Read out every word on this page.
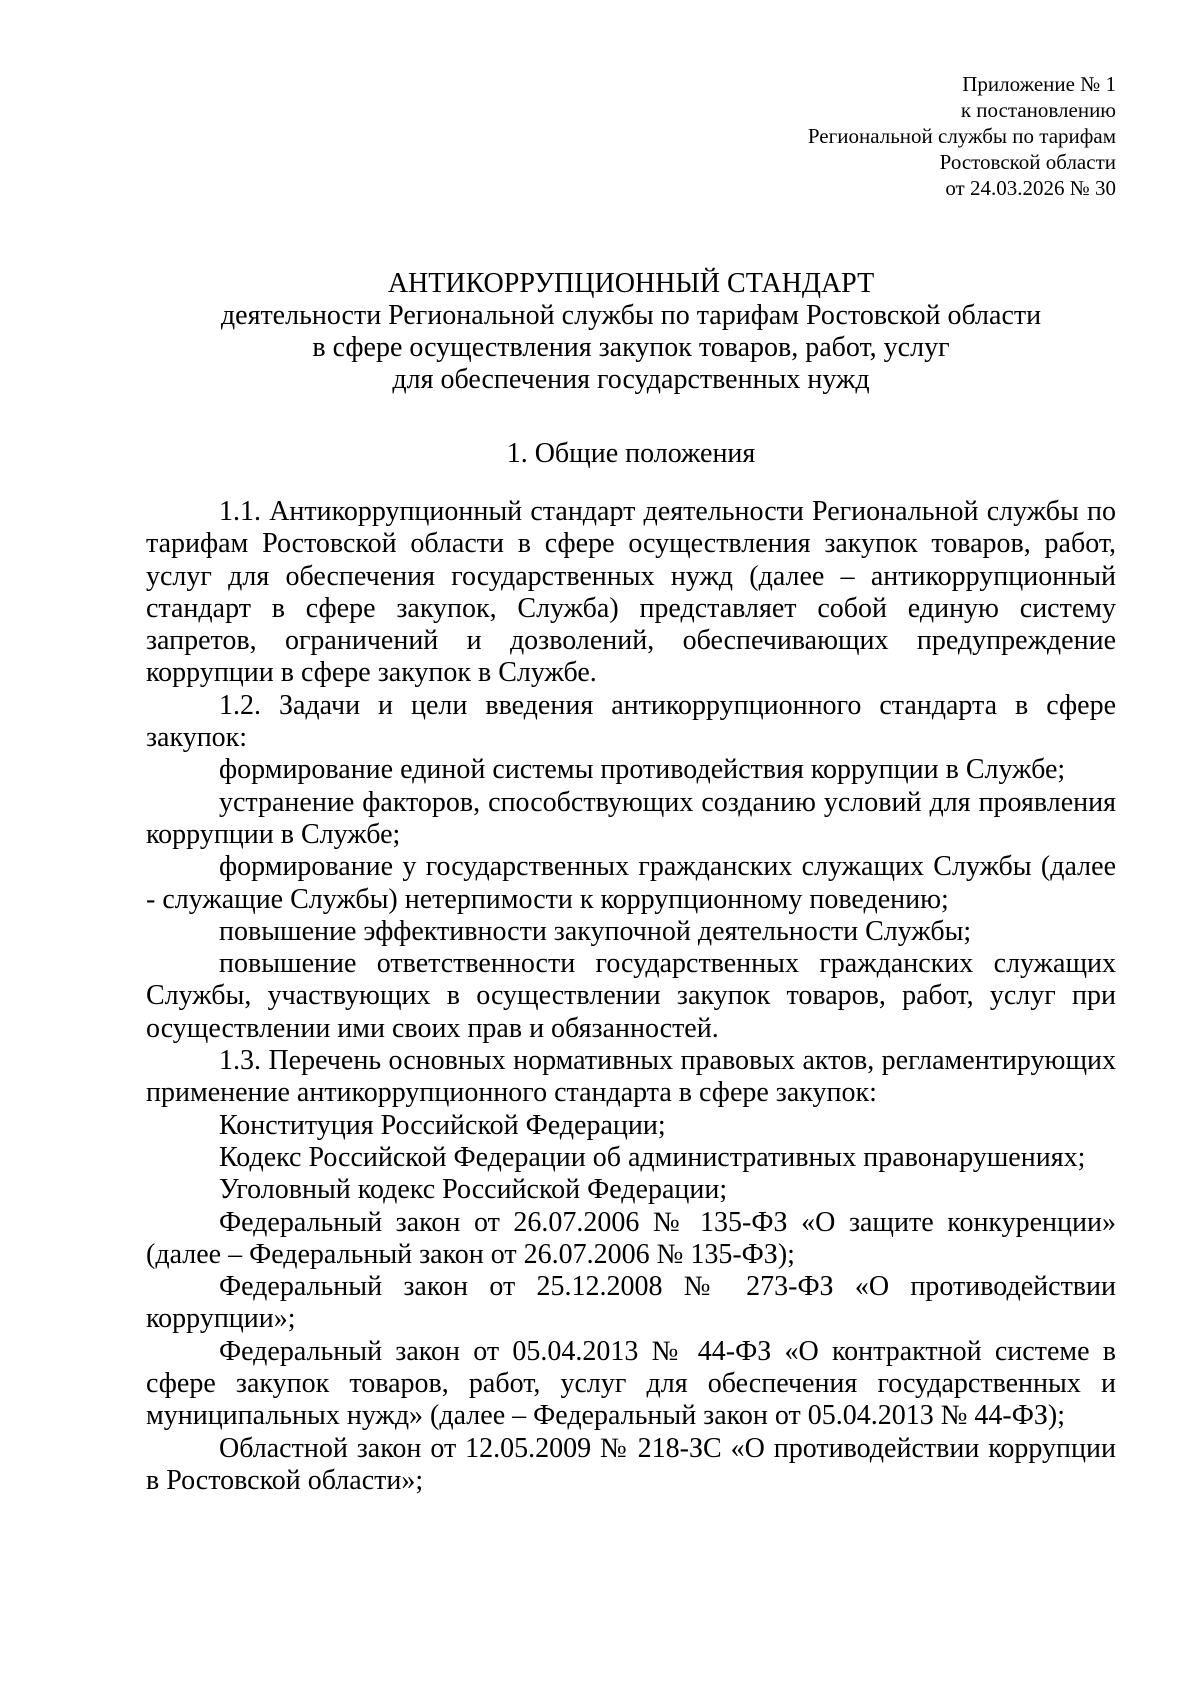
Приложение № 1
к постановлению
Региональной службы по тарифам
Ростовской области
от 24.03.2026 № 30
АНТИКОРРУПЦИОННЫЙ СТАНДАРТ
деятельности Региональной службы по тарифам Ростовской области
в сфере осуществления закупок товаров, работ, услуг
для обеспечения государственных нужд
1. Общие положения

1.1. Антикоррупционный стандарт деятельности Региональной службы по тарифам Ростовской области в сфере осуществления закупок товаров, работ, услуг для обеспечения государственных нужд (далее – антикоррупционный стандарт в сфере закупок, Служба) представляет собой единую систему запретов, ограничений и дозволений, обеспечивающих предупреждение коррупции в сфере закупок в Службе.

1.2. Задачи и цели введения антикоррупционного стандарта в сфере закупок:

формирование единой системы противодействия коррупции в Службе;

устранение факторов, способствующих созданию условий для проявления коррупции в Службе;

формирование у государственных гражданских служащих Службы (далее - служащие Службы) нетерпимости к коррупционному поведению;

повышение эффективности закупочной деятельности Службы;

повышение ответственности государственных гражданских служащих Службы, участвующих в осуществлении закупок товаров, работ, услуг при осуществлении ими своих прав и обязанностей.

1.3. Перечень основных нормативных правовых актов, регламентирующих применение антикоррупционного стандарта в сфере закупок:

Конституция Российской Федерации;

Кодекс Российской Федерации об административных правонарушениях;

Уголовный кодекс Российской Федерации;

Федеральный закон от 26.07.2006 № 135-ФЗ «О защите конкуренции» (далее – Федеральный закон от 26.07.2006 № 135-ФЗ);

Федеральный закон от 25.12.2008 № 273-ФЗ «О противодействии коррупции»;

Федеральный закон от 05.04.2013 № 44-ФЗ «О контрактной системе в сфере закупок товаров, работ, услуг для обеспечения государственных и муниципальных нужд» (далее – Федеральный закон от 05.04.2013 № 44-ФЗ);

Областной закон от 12.05.2009 № 218-ЗС «О противодействии коррупции в Ростовской области»;
